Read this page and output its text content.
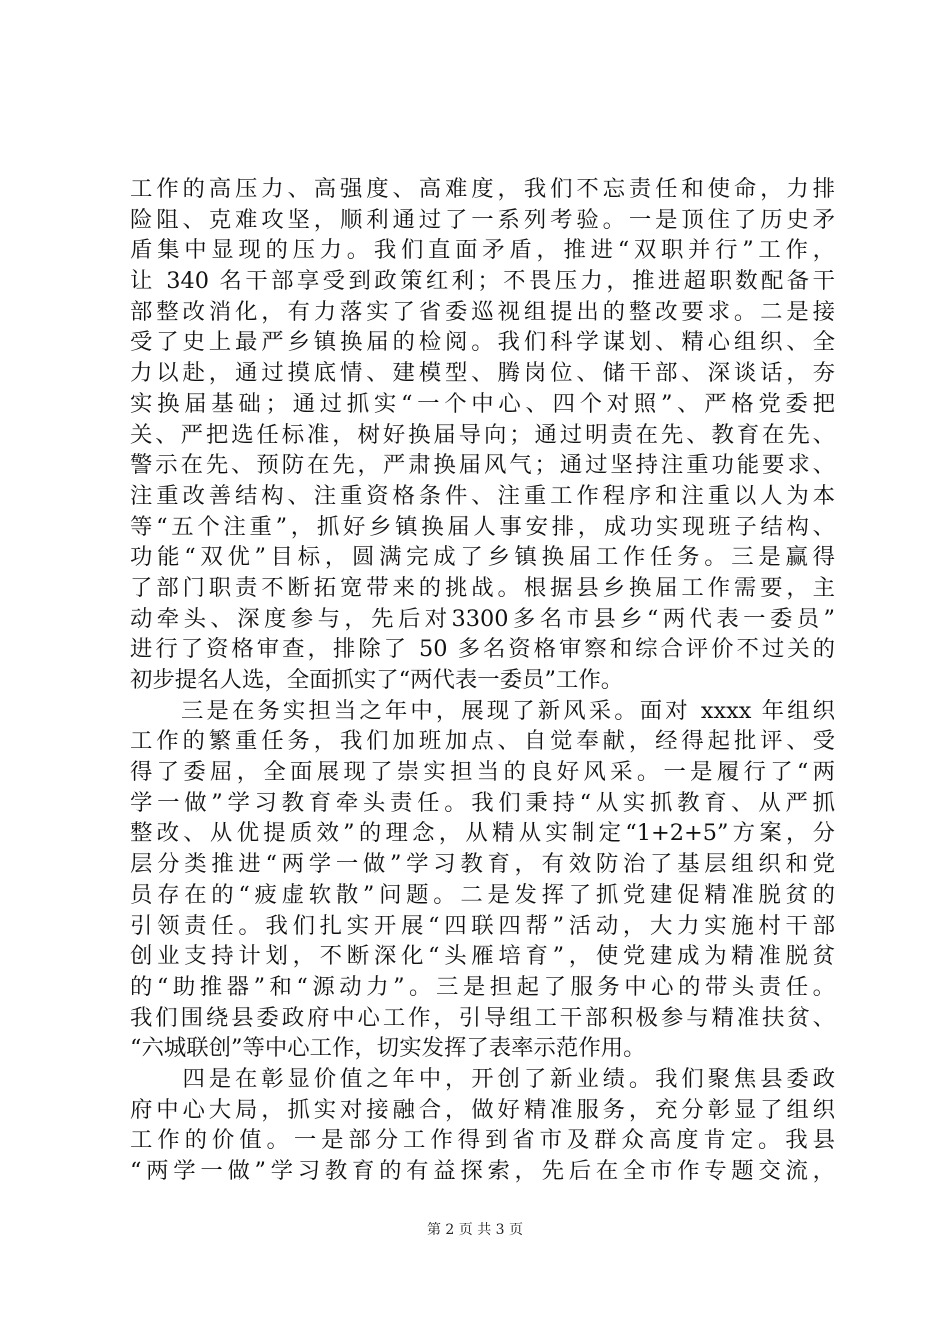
工作的高压力、高强度、高难度，我们不忘责任和使命，力排
险阻、克难攻坚，顺利通过了一系列考验。一是顶住了历史矛
盾集中显现的压力。我们直面矛盾，推进“双职并行”工作，
让 340 名干部享受到政策红利；不畏压力，推进超职数配备干
部整改消化，有力落实了省委巡视组提出的整改要求。二是接
受了史上最严乡镇换届的检阅。我们科学谋划、精心组织、全
力以赴，通过摸底情、建模型、腾岗位、储干部、深谈话，夯
实换届基础；通过抓实“一个中心、四个对照”、严格党委把
关、严把选任标准，树好换届导向；通过明责在先、教育在先、
警示在先、预防在先，严肃换届风气；通过坚持注重功能要求、
注重改善结构、注重资格条件、注重工作程序和注重以人为本
等“五个注重”，抓好乡镇换届人事安排，成功实现班子结构、
功能“双优”目标，圆满完成了乡镇换届工作任务。三是赢得
了部门职责不断拓宽带来的挑战。根据县乡换届工作需要，主
动牵头、深度参与，先后对3300多名市县乡“两代表一委员”
进行了资格审查，排除了 50 多名资格审察和综合评价不过关的
初步提名人选，全面抓实了“两代表一委员”工作。
　　三是在务实担当之年中，展现了新风采。面对 xxxx 年组织
工作的繁重任务，我们加班加点、自觉奉献，经得起批评、受
得了委屈，全面展现了崇实担当的良好风采。一是履行了“两
学一做”学习教育牵头责任。我们秉持“从实抓教育、从严抓
整改、从优提质效”的理念，从精从实制定“1+2+5”方案，分
层分类推进“两学一做”学习教育，有效防治了基层组织和党
员存在的“疲虚软散”问题。二是发挥了抓党建促精准脱贫的
引领责任。我们扎实开展“四联四帮”活动，大力实施村干部
创业支持计划，不断深化“头雁培育”，使党建成为精准脱贫
的“助推器”和“源动力”。三是担起了服务中心的带头责任。
我们围绕县委政府中心工作，引导组工干部积极参与精准扶贫、
“六城联创”等中心工作，切实发挥了表率示范作用。
　　四是在彰显价值之年中，开创了新业绩。我们聚焦县委政
府中心大局，抓实对接融合，做好精准服务，充分彰显了组织
工作的价值。一是部分工作得到省市及群众高度肯定。我县
“两学一做”学习教育的有益探索，先后在全市作专题交流，
第 2 页 共 3 页
